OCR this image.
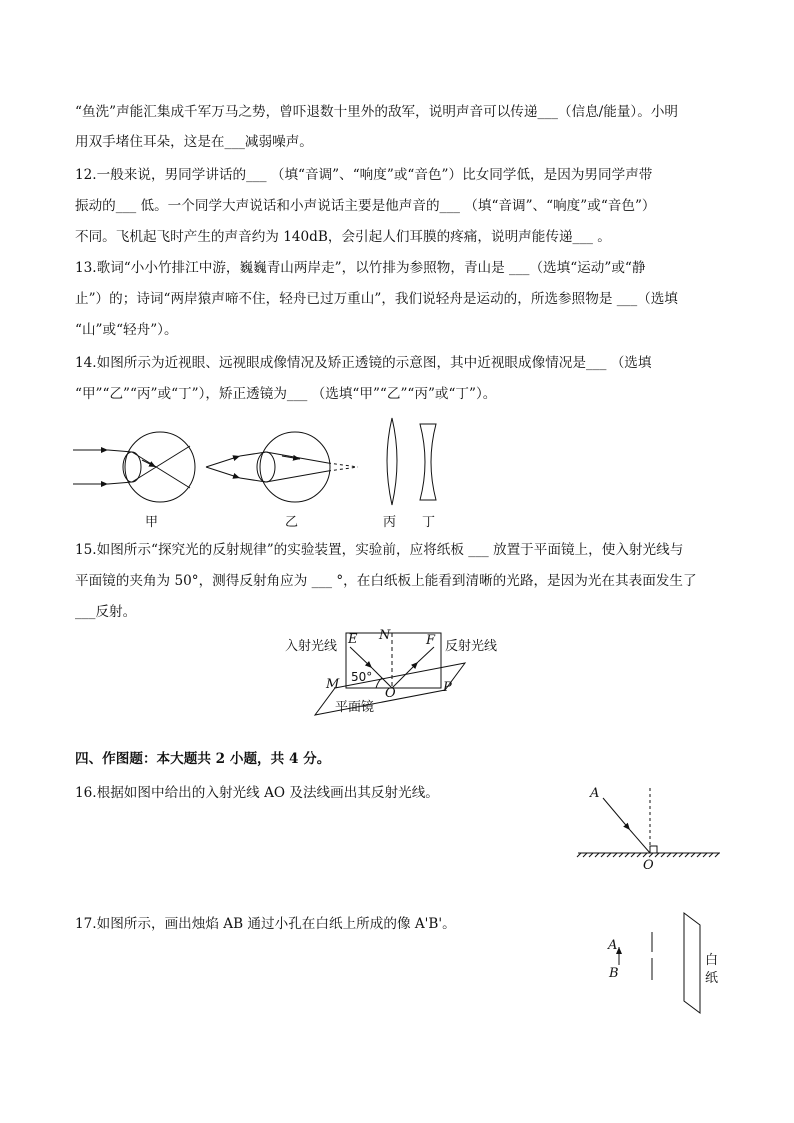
“鱼洗”声能汇集成千军万马之势，曾吓退数十里外的敌军，说明声音可以传递___（信息/能量）。小明
用双手堵住耳朵，这是在___减弱噪声。
12.一般来说，男同学讲话的___ （填“音调”、“响度”或“音色”）比女同学低，是因为男同学声带
振动的___ 低。一个同学大声说话和小声说话主要是他声音的___ （填“音调”、“响度”或“音色”）
不同。飞机起飞时产生的声音约为 140dB，会引起人们耳膜的疼痛，说明声能传递___ 。
13.歌词“小小竹排江中游，巍巍青山两岸走”，以竹排为参照物，青山是 ___（选填“运动”或“静
止”）的；诗词“两岸猿声啼不住，轻舟已过万重山”，我们说轻舟是运动的，所选参照物是 ___（选填
“山”或“轻舟”）。
14.如图所示为近视眼、远视眼成像情况及矫正透镜的示意图，其中近视眼成像情况是___ （选填
“甲”“乙”“丙”或“丁”），矫正透镜为___ （选填“甲”“乙”“丙”或“丁”）。
15.如图所示“探究光的反射规律”的实验装置，实验前，应将纸板 ___ 放置于平面镜上，使入射光线与
平面镜的夹角为 50°，测得反射角应为 ___ °，在白纸板上能看到清晰的光路，是因为光在其表面发生了
___反射。
四、作图题：本大题共 2 小题，共 4 分。
16.根据如图中给出的入射光线 AO 及法线画出其反射光线。
17.如图所示，画出烛焰 AB 通过小孔在白纸上所成的像 A'B'。
甲	乙	丙 丁
入射光线	反射光线
E N	F
M
O	P
50°
平面镜
A
O
A
B
白
纸
